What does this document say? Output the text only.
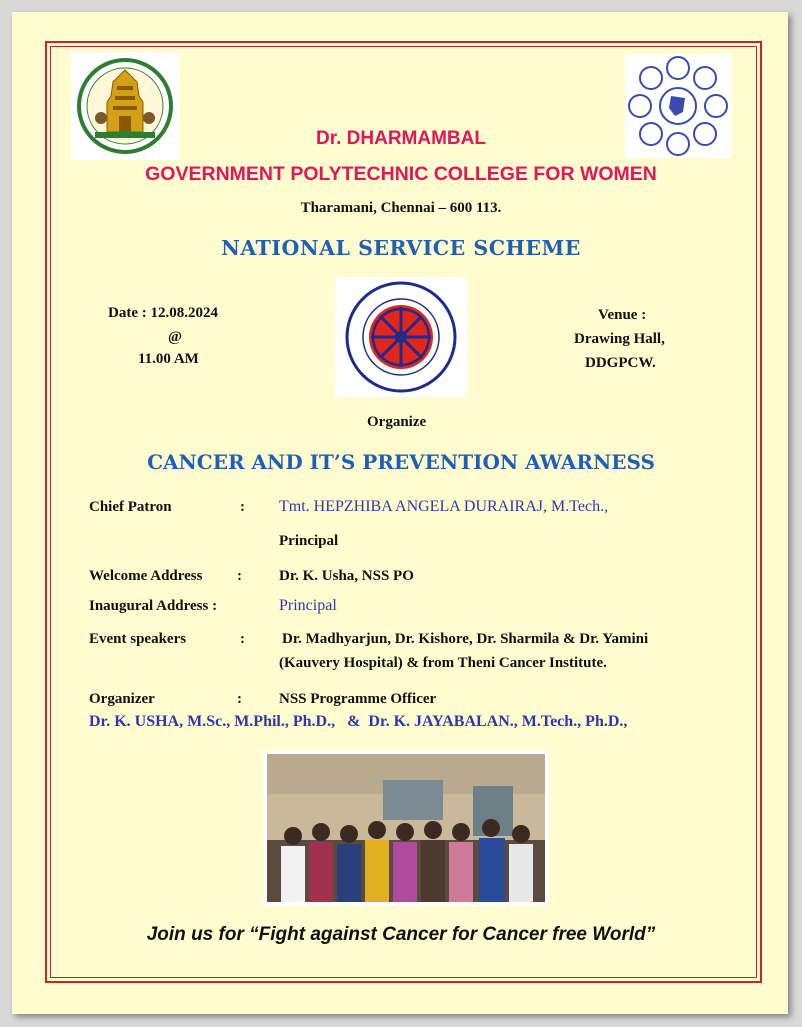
Dr. DHARMAMBAL
GOVERNMENT POLYTECHNIC COLLEGE FOR WOMEN
Tharamani, Chennai – 600 113.
NATIONAL SERVICE SCHEME
Date : 12.08.2024
@
11.00 AM
Venue :
Drawing Hall,
DDGPCW.
Organize
CANCER AND IT’S PREVENTION AWARNESS
Chief Patron	: Tmt. HEPZHIBA ANGELA DURAIRAJ, M.Tech.,
Principal
Welcome Address : Dr. K. Usha, NSS PO
Inaugural Address :	Principal
Event speakers	: Dr. Madhyarjun, Dr. Kishore, Dr. Sharmila & Dr. Yamini
(Kauvery Hospital) & from Theni Cancer Institute.
Organizer	: NSS Programme Officer
Dr. K. USHA, M.Sc., M.Phil., Ph.D.,   &  Dr. K. JAYABALAN., M.Tech., Ph.D.,
Join us for “Fight against Cancer for Cancer free World”
